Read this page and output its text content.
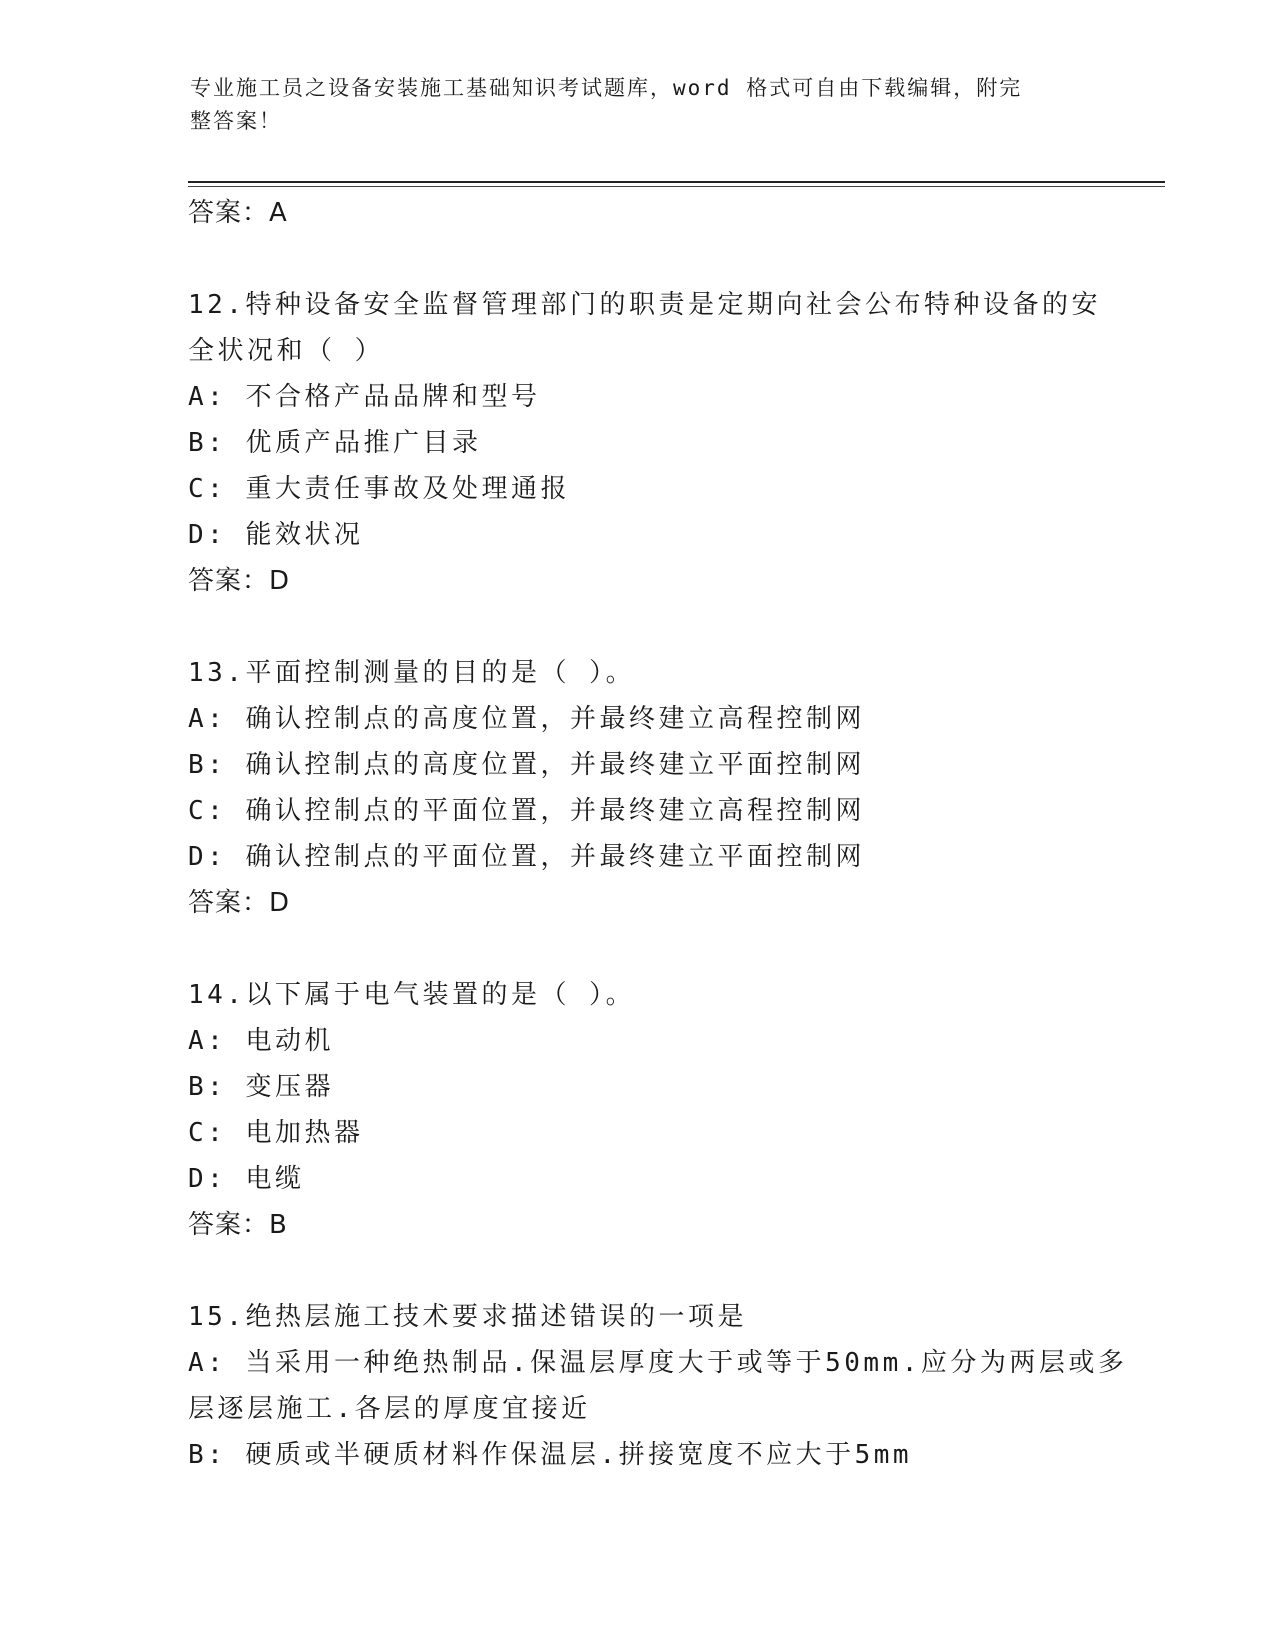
专业施工员之设备安装施工基础知识考试题库，word 格式可自由下载编辑，附完
整答案！
答案：A
12.特种设备安全监督管理部门的职责是定期向社会公布特种设备的安
全状况和（ ）
A: 不合格产品品牌和型号
B: 优质产品推广目录
C: 重大责任事故及处理通报
D: 能效状况
答案：D
13.平面控制测量的目的是（ ）。
A: 确认控制点的高度位置，并最终建立高程控制网
B: 确认控制点的高度位置，并最终建立平面控制网
C: 确认控制点的平面位置，并最终建立高程控制网
D: 确认控制点的平面位置，并最终建立平面控制网
答案：D
14.以下属于电气装置的是（ ）。
A: 电动机
B: 变压器
C: 电加热器
D: 电缆
答案：B
15.绝热层施工技术要求描述错误的一项是
A: 当采用一种绝热制品.保温层厚度大于或等于50mm.应分为两层或多
层逐层施工.各层的厚度宜接近
B: 硬质或半硬质材料作保温层.拼接宽度不应大于5mm
